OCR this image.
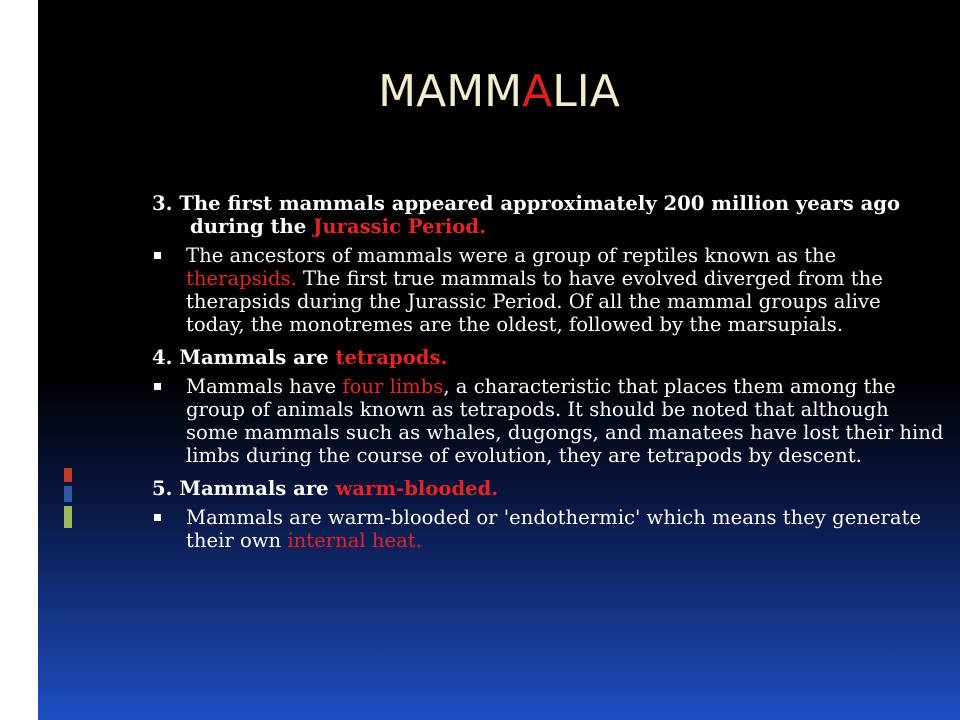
MAMMALIA
3. The first mammals appeared approximately 200 million years ago during the Jurassic Period.
The ancestors of mammals were a group of reptiles known as the therapsids. The first true mammals to have evolved diverged from the therapsids during the Jurassic Period. Of all the mammal groups alive today, the monotremes are the oldest, followed by the marsupials.
4. Mammals are tetrapods.
Mammals have four limbs, a characteristic that places them among the group of animals known as tetrapods. It should be noted that although some mammals such as whales, dugongs, and manatees have lost their hind limbs during the course of evolution, they are tetrapods by descent.
5. Mammals are warm-blooded.
Mammals are warm-blooded or 'endothermic' which means they generate their own internal heat.
